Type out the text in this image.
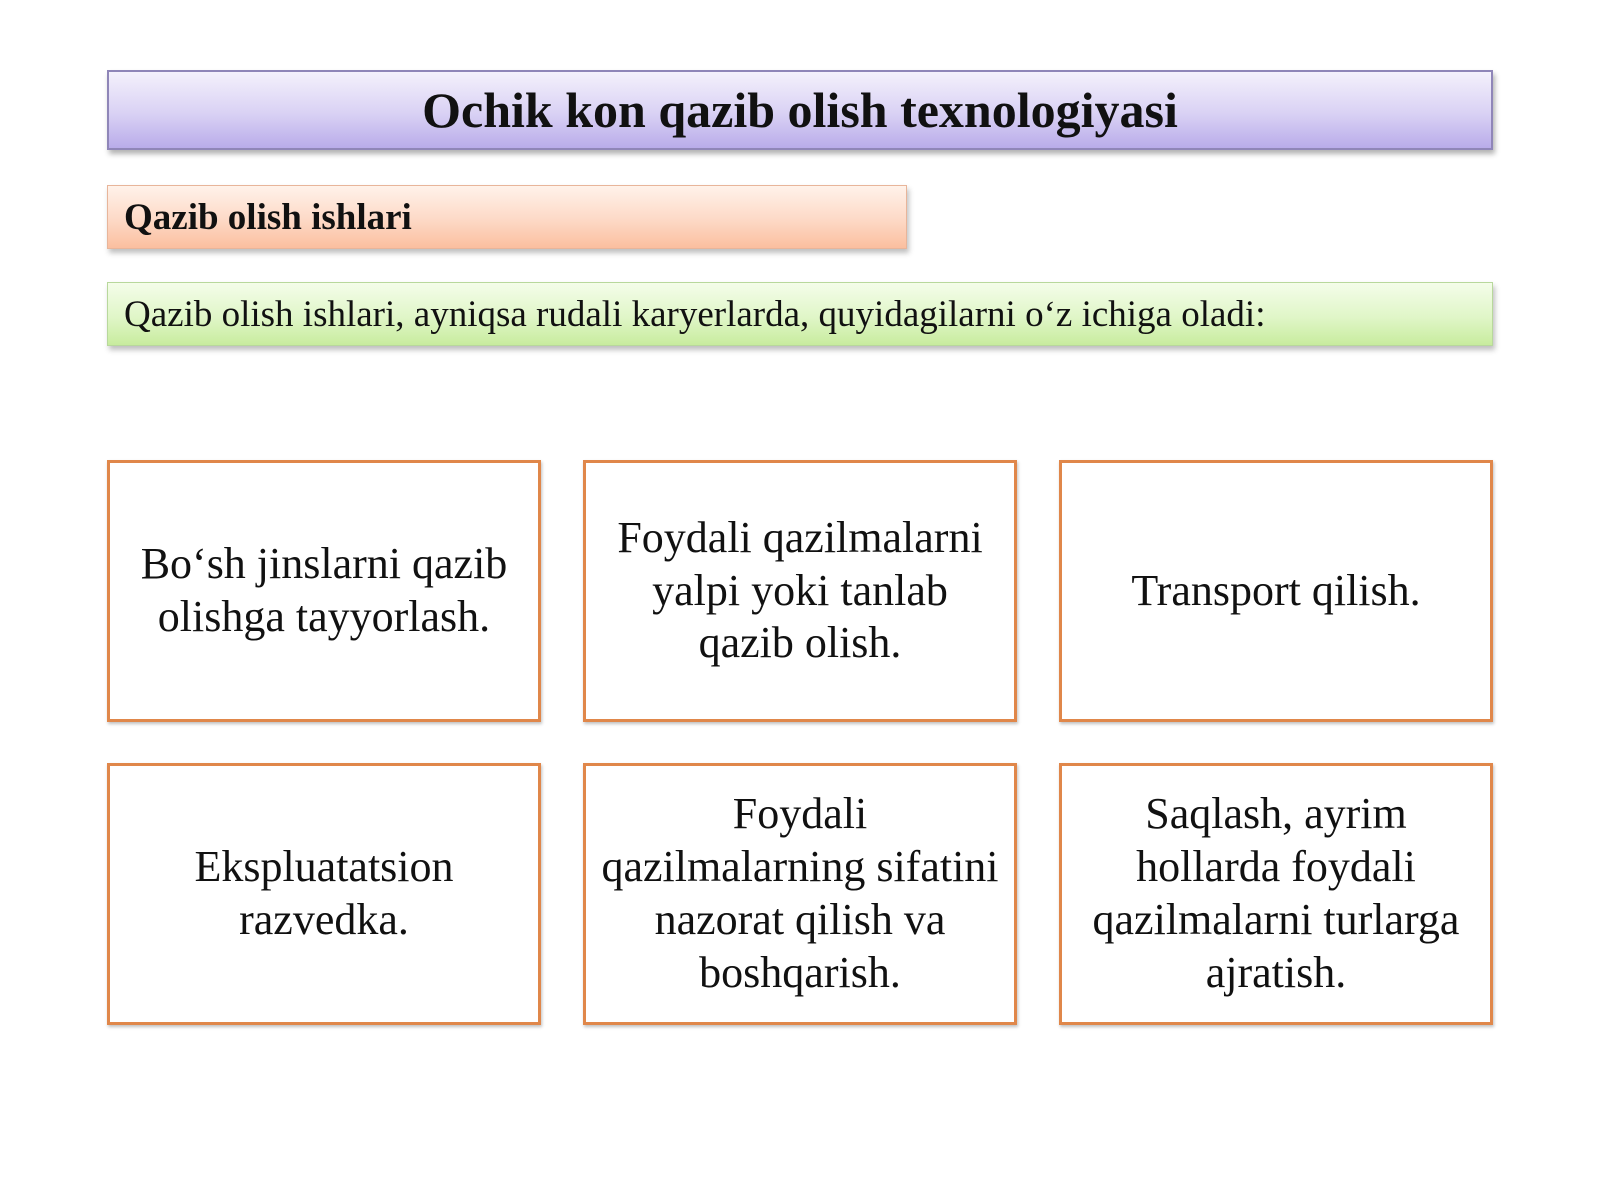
Ochik kon qazib olish texnologiyasi
Qazib olish ishlari
Qazib olish ishlari, ayniqsa rudali karyerlarda, quyidagilarni o‘z ichiga oladi:
Bo‘sh jinslarni qazib olishga tayyorlash.
Foydali qazilmalarni yalpi yoki tanlab qazib olish.
Transport qilish.
Ekspluatatsion razvedka.
Foydali qazilmalarning sifatini nazorat qilish va boshqarish.
Saqlash, ayrim hollarda foydali qazilmalarni turlarga ajratish.
